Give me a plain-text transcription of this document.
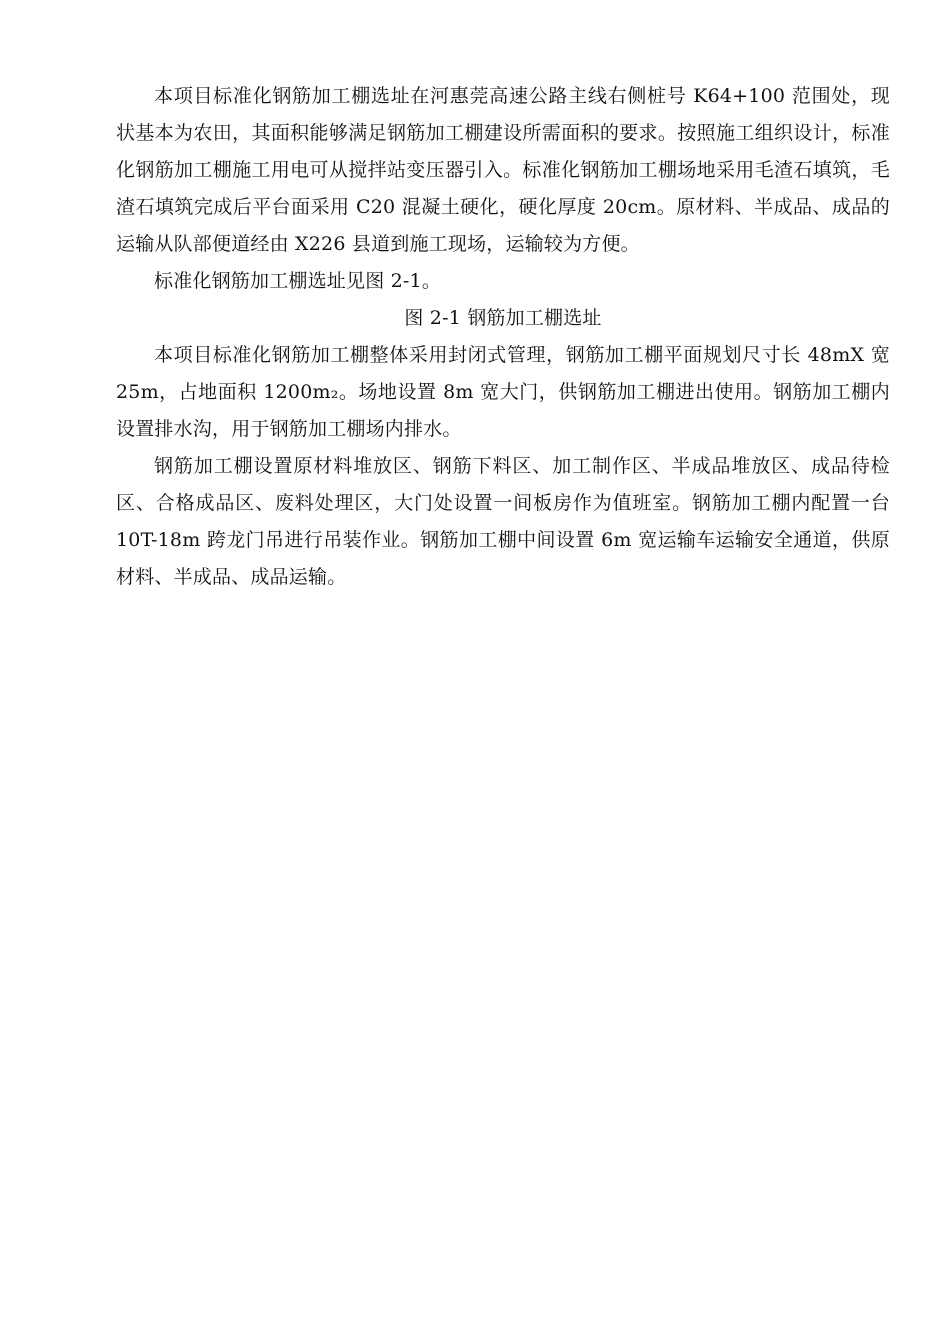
本项目标准化钢筋加工棚选址在河惠莞高速公路主线右侧桩号 K64+100 范围处，现状基本为农田，其面积能够满足钢筋加工棚建设所需面积的要求。按照施工组织设计，标准化钢筋加工棚施工用电可从搅拌站变压器引入。标准化钢筋加工棚场地采用毛渣石填筑，毛渣石填筑完成后平台面采用 C20 混凝土硬化，硬化厚度 20cm。原材料、半成品、成品的运输从队部便道经由 X226 县道到施工现场，运输较为方便。

标准化钢筋加工棚选址见图 2-1。

图 2-1 钢筋加工棚选址

本项目标准化钢筋加工棚整体采用封闭式管理，钢筋加工棚平面规划尺寸长 48mX 宽 25m，占地面积 1200m₂。场地设置 8m 宽大门，供钢筋加工棚进出使用。钢筋加工棚内设置排水沟，用于钢筋加工棚场内排水。

钢筋加工棚设置原材料堆放区、钢筋下料区、加工制作区、半成品堆放区、成品待检区、合格成品区、废料处理区，大门处设置一间板房作为值班室。钢筋加工棚内配置一台 10T-18m 跨龙门吊进行吊装作业。钢筋加工棚中间设置 6m 宽运输车运输安全通道，供原材料、半成品、成品运输。
